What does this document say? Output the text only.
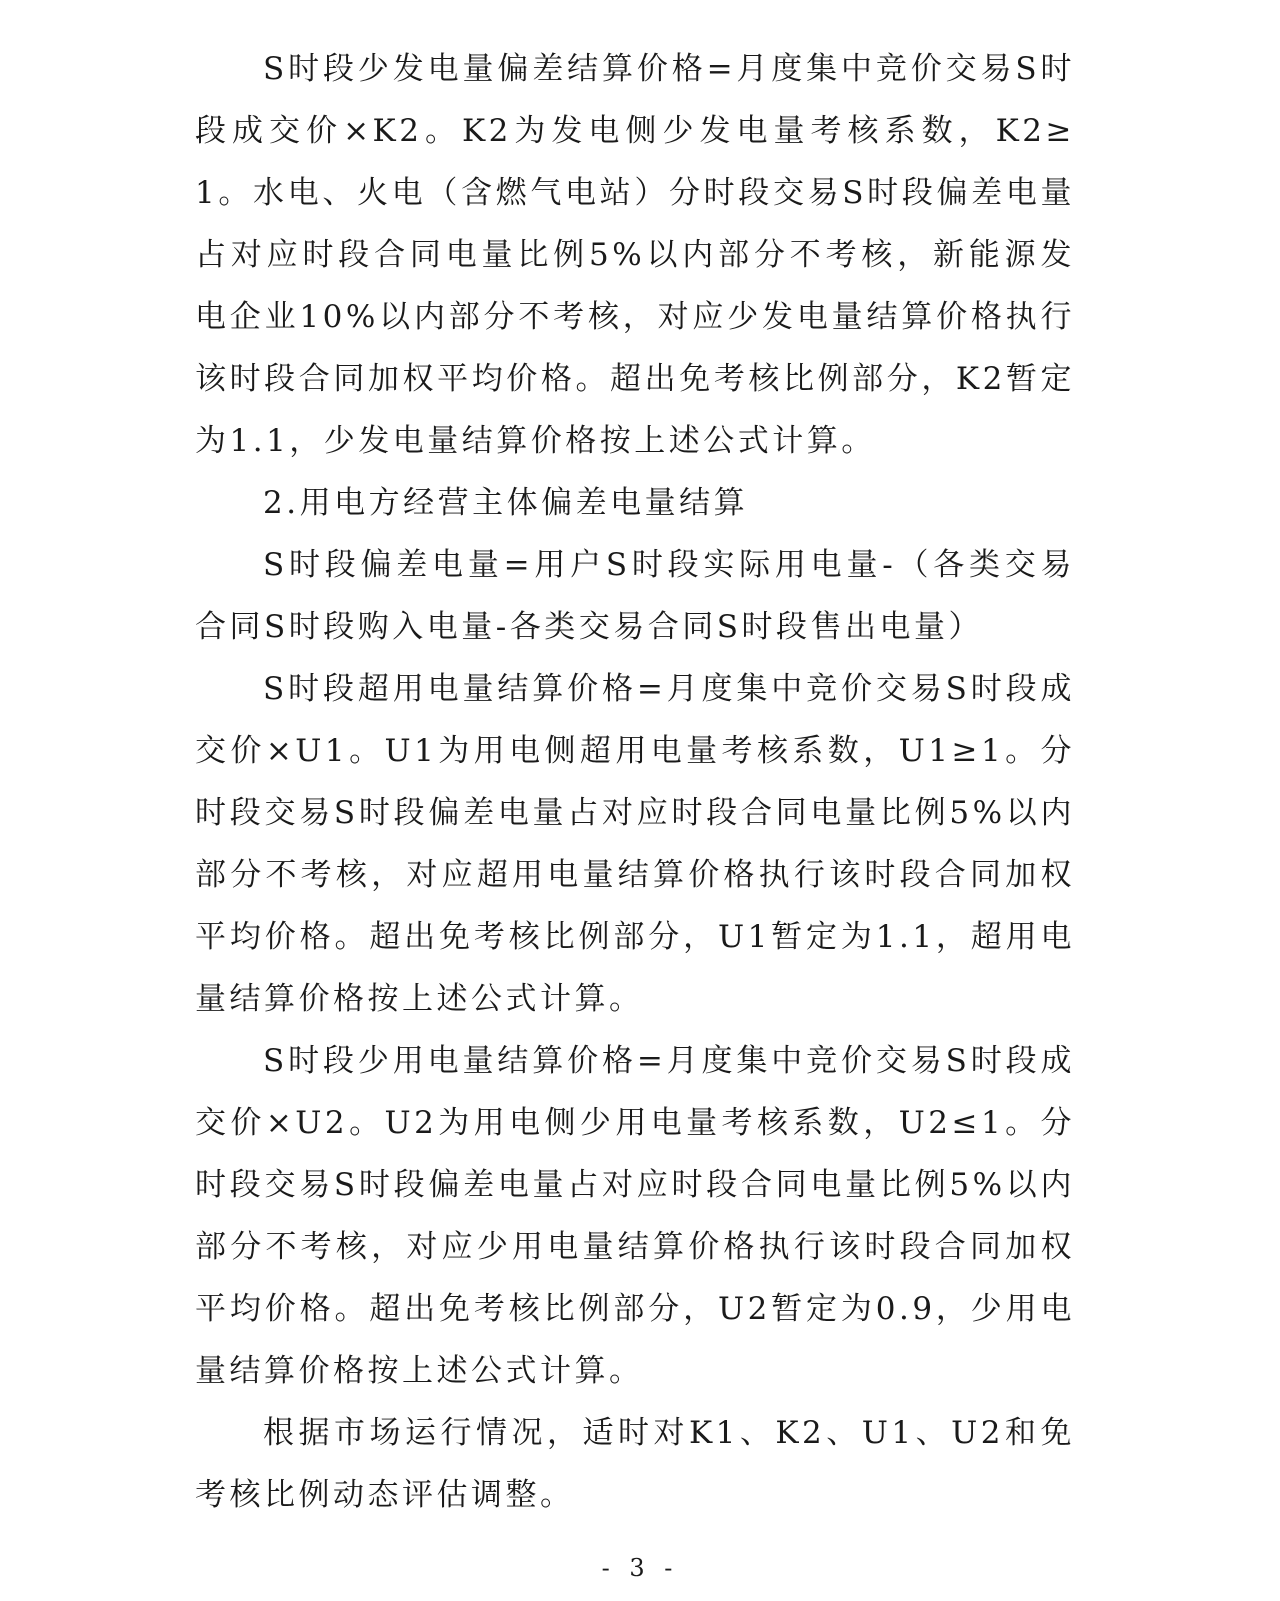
S时段少发电量偏差结算价格=月度集中竞价交易S时段成交价×K2。K2为发电侧少发电量考核系数，K2≥1。水电、火电（含燃气电站）分时段交易S时段偏差电量占对应时段合同电量比例5%以内部分不考核，新能源发电企业10%以内部分不考核，对应少发电量结算价格执行该时段合同加权平均价格。超出免考核比例部分，K2暂定为1.1，少发电量结算价格按上述公式计算。

2.用电方经营主体偏差电量结算

S时段偏差电量=用户S时段实际用电量-（各类交易合同S时段购入电量-各类交易合同S时段售出电量）

S时段超用电量结算价格=月度集中竞价交易S时段成交价×U1。U1为用电侧超用电量考核系数，U1≥1。分时段交易S时段偏差电量占对应时段合同电量比例5%以内部分不考核，对应超用电量结算价格执行该时段合同加权平均价格。超出免考核比例部分，U1暂定为1.1，超用电量结算价格按上述公式计算。

S时段少用电量结算价格=月度集中竞价交易S时段成交价×U2。U2为用电侧少用电量考核系数，U2≤1。分时段交易S时段偏差电量占对应时段合同电量比例5%以内部分不考核，对应少用电量结算价格执行该时段合同加权平均价格。超出免考核比例部分，U2暂定为0.9，少用电量结算价格按上述公式计算。

根据市场运行情况，适时对K1、K2、U1、U2和免考核比例动态评估调整。

- 3 -
